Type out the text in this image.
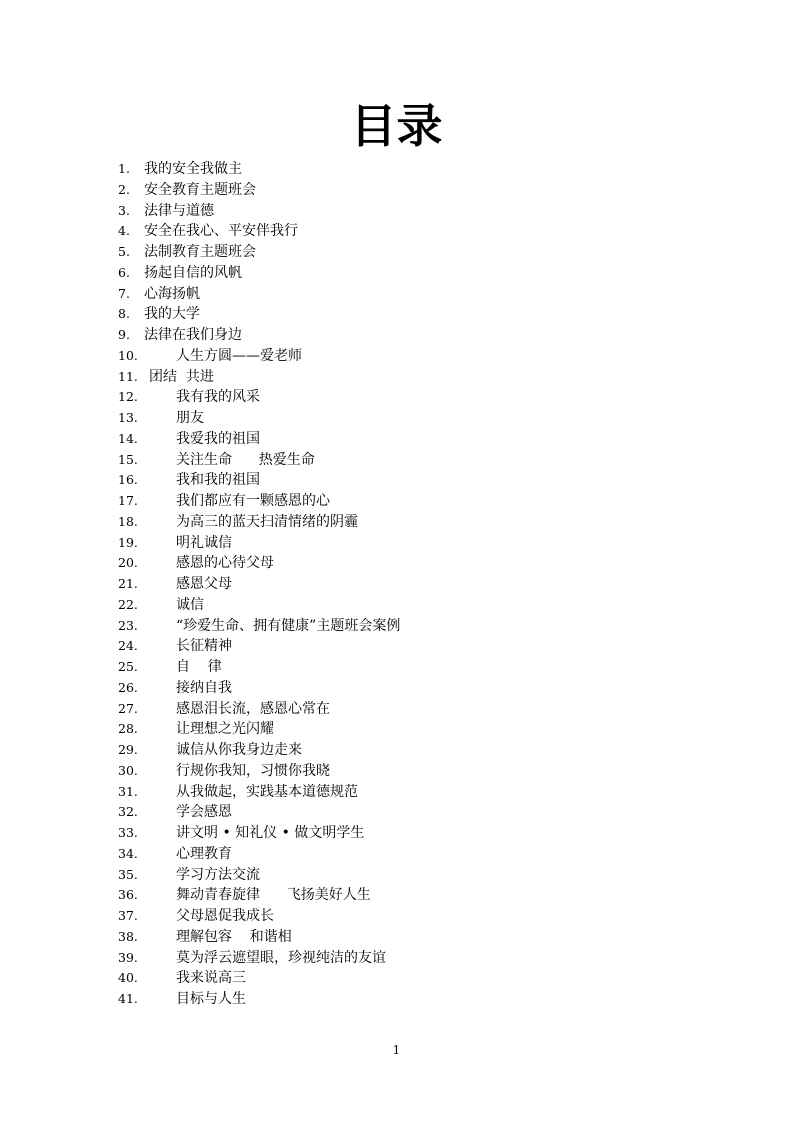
目录
1. 我的安全我做主
2. 安全教育主题班会
3. 法律与道德
4. 安全在我心、平安伴我行
5. 法制教育主题班会
6. 扬起自信的风帆
7. 心海扬帆
8. 我的大学
9. 法律在我们身边
10.	人生方圆——爱老师
11. 团结  共进
12.	我有我的风采
13.	朋友
14.	我爱我的祖国
15.	关注生命      热爱生命
16.	我和我的祖国
17.	我们都应有一颗感恩的心
18.	为高三的蓝天扫清情绪的阴霾
19.	明礼诚信
20.	感恩的心待父母
21.	感恩父母
22.	诚信
23.	“珍爱生命、拥有健康”主题班会案例
24.	长征精神
25.	自    律
26.	接纳自我
27.	感恩泪长流，感恩心常在
28.	让理想之光闪耀
29.	诚信从你我身边走来
30.	行规你我知，习惯你我晓
31.	从我做起，实践基本道德规范
32.	学会感恩
33.	讲文明 • 知礼仪 • 做文明学生
34.	心理教育
35.	学习方法交流
36.	舞动青春旋律      飞扬美好人生
37.	父母恩促我成长
38.	理解包容    和谐相
39.	莫为浮云遮望眼，珍视纯洁的友谊
40.	我来说高三
41.	目标与人生
1
